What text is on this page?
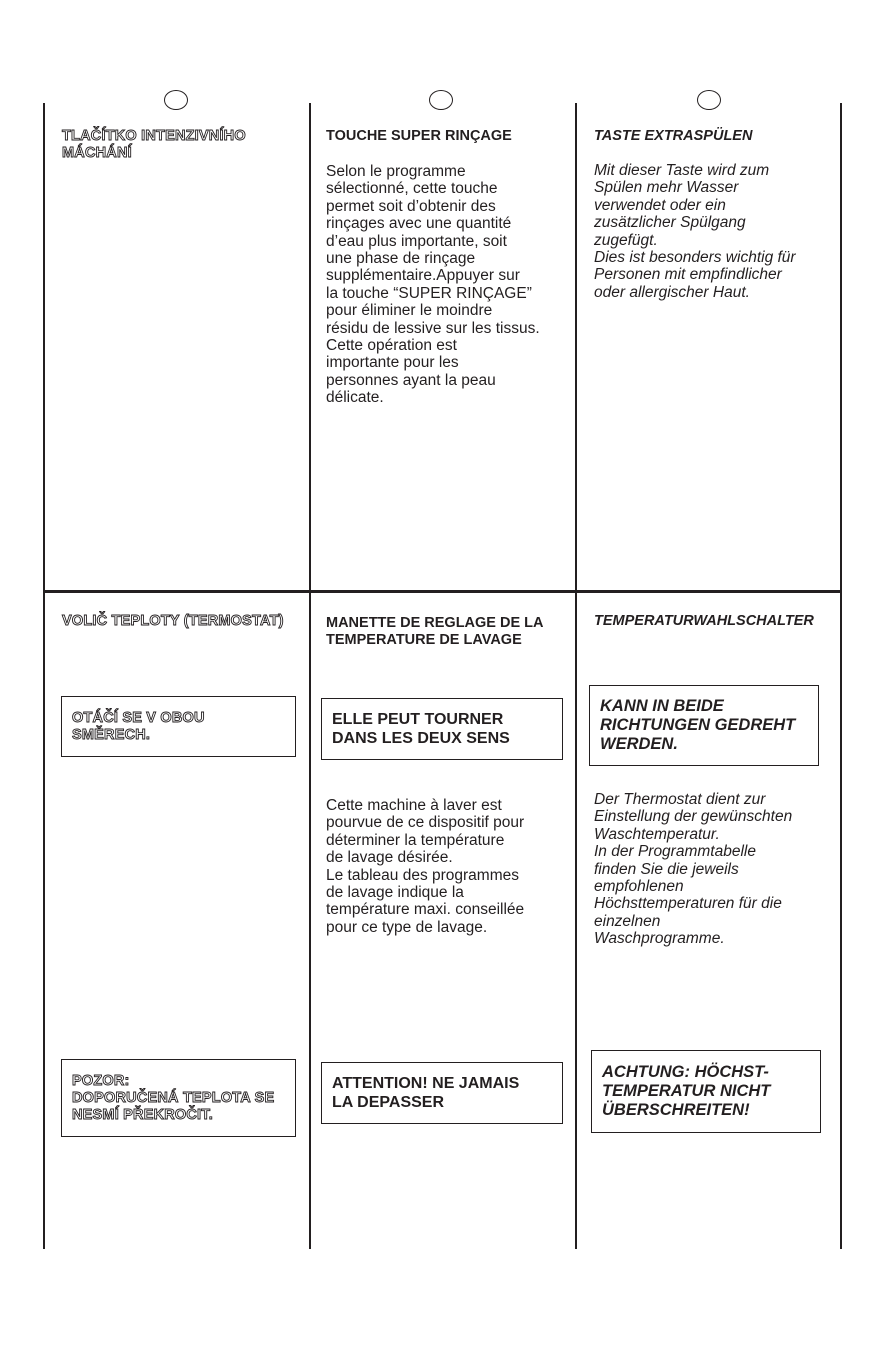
TLAČÍTKO INTENZIVNÍHO
MÁCHÁNÍ
VOLIČ TEPLOTY (TERMOSTAT)
OTÁČÍ SE V OBOU
SMĚRECH.
POZOR:
DOPORUČENÁ TEPLOTA SE
NESMÍ PŘEKROČIT.
TOUCHE SUPER RINÇAGE
Selon le programme
sélectionné, cette touche
permet soit d’obtenir des
rinçages avec une quantité
d’eau plus importante, soit
une phase de rinçage
supplémentaire.Appuyer sur
la touche “SUPER RINÇAGE”
pour éliminer le moindre
résidu de lessive sur les tissus.
Cette opération est
importante pour les
personnes ayant la peau
délicate.
MANETTE DE REGLAGE DE LA
TEMPERATURE DE LAVAGE
ELLE PEUT TOURNER
DANS LES DEUX SENS
Cette machine à laver est
pourvue de ce dispositif pour
déterminer la température
de lavage désirée.
Le tableau des programmes
de lavage indique la
température maxi. conseillée
pour ce type de lavage.
ATTENTION! NE JAMAIS
LA DEPASSER
TASTE EXTRASPÜLEN
Mit dieser Taste wird zum
Spülen mehr Wasser
verwendet oder ein
zusätzlicher Spülgang
zugefügt.
Dies ist besonders wichtig für
Personen mit empfindlicher
oder allergischer Haut.
TEMPERATURWAHLSCHALTER
KANN IN BEIDE
RICHTUNGEN GEDREHT
WERDEN.
Der Thermostat dient zur
Einstellung der gewünschten
Waschtemperatur.
In der Programmtabelle
finden Sie die jeweils
empfohlenen
Höchsttemperaturen für die
einzelnen
Waschprogramme.
ACHTUNG: HÖCHST-
TEMPERATUR NICHT
ÜBERSCHREITEN!
